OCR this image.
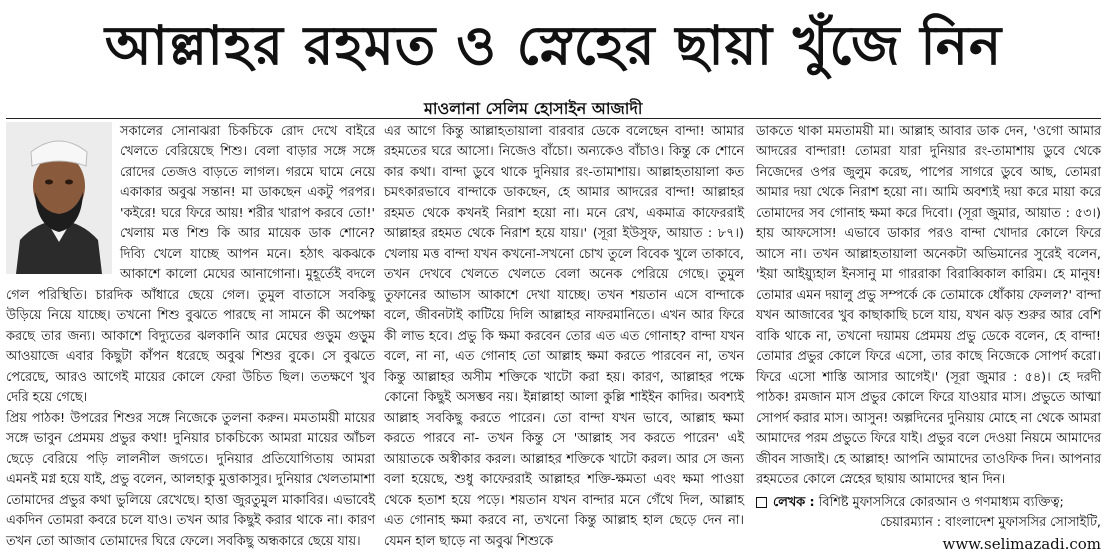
আল্লাহর রহমত ও স্নেহের ছায়া খুঁজে নিন
মাওলানা সেলিম হোসাইন আজাদী

সকালের সোনাঝরা চিকচিকে রোদ দেখে বাইরে খেলতে বেরিয়েছে শিশু। বেলা বাড়ার সঙ্গে সঙ্গে রোদের তেজও বাড়তে লাগল। গরমে ঘামে নেয়ে একাকার অবুঝ সন্তান! মা ডাকছেন একটু পরপর। 'কইরে! ঘরে ফিরে আয়! শরীর খারাপ করবে তো!' খেলায় মত্ত শিশু কি আর মায়েক ডাক শোনে? দিব্যি খেলে যাচ্ছে আপন মনে। হঠাৎ ঝকঝকে আকাশে কালো মেঘের আনাগোনা। মুহূর্তেই বদলে গেল পরিস্থিতি। চারদিক আঁধারে ছেয়ে গেল। তুমুল বাতাসে সবকিছু উড়িয়ে নিয়ে যাচ্ছে। তখনো শিশু বুঝতে পারছে না সামনে কী অপেক্ষা করছে তার জন্য। আকাশে বিদ্যুতের ঝলকানি আর মেঘের গুড়ুম গুড়ুম আওয়াজে এবার কিছুটা কাঁপন ধরেছে অবুঝ শিশুর বুকে। সে বুঝতে পেরেছে, আরও আগেই মায়ের কোলে ফেরা উচিত ছিল। ততক্ষণে খুব দেরি হয়ে গেছে।

প্রিয় পাঠক! উপরের শিশুর সঙ্গে নিজেকে তুলনা করুন। মমতাময়ী মায়ের সঙ্গে ভাবুন প্রেমময় প্রভুর কথা! দুনিয়ার চাকচিক্যে আমরা মায়ের আঁচল ছেড়ে বেরিয়ে পড়ি লালনীল জগতে। দুনিয়ার প্রতিযোগিতায় আমরা এমনই মগ্ন হয়ে যাই, প্রভু বলেন, আলহাকু মুত্তাকাসুর। দুনিয়ার খেলতামাশা তোমাদের প্রভুর কথা ভুলিয়ে রেখেছে। হাত্তা জুরতুমুল মাকাবির। এভাবেই একদিন তোমরা কবরে চলে যাও। তখন আর কিছুই করার থাকে না। কারণ তখন তো আজাব তোমাদের ঘিরে ফেলে। সবকিছু অন্ধকারে ছেয়ে যায়।

এর আগে কিন্তু আল্লাহতায়ালা বারবার ডেকে বলেছেন বান্দা! আমার রহমতের ঘরে আসো। নিজেও বাঁচো। অন্যকেও বাঁচাও। কিন্তু কে শোনে কার কথা। বান্দা ডুবে থাকে দুনিয়ার রং-তামাশায়। আল্লাহতায়ালা কত চমৎকারভাবে বান্দাকে ডাকছেন, হে আমার আদরের বান্দা! আল্লাহর রহমত থেকে কখনই নিরাশ হয়ো না। মনে রেখ, একমাত্র কাফেররাই আল্লাহর রহমত থেকে নিরাশ হয়ে যায়।' (সূরা ইউসুফ, আয়াত : ৮৭।) খেলায় মত্ত বান্দা যখন কখনো-সখনো চোখ তুলে বিবেক খুলে তাকাবে, তখন দেখবে খেলতে খেলতে বেলা অনেক পেরিয়ে গেছে। তুমুল তুফানের আভাস আকাশে দেখা যাচ্ছে। তখন শয়তান এসে বান্দাকে বলে, জীবনটাই কাটিয়ে দিলি আল্লাহর নাফরমানিতে। এখন আর ফিরে কী লাভ হবে। প্রভু কি ক্ষমা করবেন তোর এত এত গোনাহ? বান্দা যখন বলে, না না, এত গোনাহ তো আল্লাহ ক্ষমা করতে পারবেন না, তখন কিন্তু আল্লাহর অসীম শক্তিকে খাটো করা হয়। কারণ, আল্লাহর পক্ষে কোনো কিছুই অসম্ভব নয়। ইন্নাল্লাহা আলা কুল্লি শাইইন কাদির। অবশ্যই আল্লাহ সবকিছু করতে পারেন। তো বান্দা যখন ভাবে, আল্লাহ ক্ষমা করতে পারবে না- তখন কিন্তু সে 'আল্লাহ সব করতে পারেন' এই আয়াতকে অস্বীকার করল। আল্লাহর শক্তিকে খাটো করল। আর সে জন্য বলা হয়েছে, শুধু কাফেররাই আল্লাহর শক্তি-ক্ষমতা এবং ক্ষমা পাওয়া থেকে হতাশ হয়ে পড়ে। শয়তান যখন বান্দার মনে গেঁথে দিল, আল্লাহ এত গোনাহ ক্ষমা করবে না, তখনো কিন্তু আল্লাহ হাল ছেড়ে দেন না। যেমন হাল ছাড়ে না অবুঝ শিশুকে

ডাকতে থাকা মমতাময়ী মা। আল্লাহ আবার ডাক দেন, 'ওগো আমার আদরের বান্দারা! তোমরা যারা দুনিয়ার রং-তামাশায় ডুবে থেকে নিজেদের ওপর জুলুম করেছ, পাপের সাগরে ডুবে আছ, তোমরা আমার দয়া থেকে নিরাশ হয়ো না। আমি অবশ্যই দয়া করে মায়া করে তোমাদের সব গোনাহ ক্ষমা করে দিবো। (সূরা জুমার, আয়াত : ৫৩।) হায় আফসোস! এভাবে ডাকার পরও বান্দা খোদার কোলে ফিরে আসে না। তখন আল্লাহতায়ালা অনেকটা অভিমানের সুরেই বলেন, 'ইয়া আইয়্যুহাল ইনসানু মা গাররাকা বিরাব্বিকাল কারিম। হে মানুষ! তোমার এমন দয়ালু প্রভু সম্পর্কে কে তোমাকে ধোঁকায় ফেলল?' বান্দা যখন আজাবের খুব কাছাকাছি চলে যায়, যখন ঝড় শুরুর আর বেশি বাকি থাকে না, তখনো দয়াময় প্রেমময় প্রভু ডেকে বলেন, হে বান্দা! তোমার প্রভুর কোলে ফিরে এসো, তার কাছে নিজেকে সোপর্দ করো। ফিরে এসো শাস্তি আসার আগেই।' (সূরা জুমার : ৫৪)। হে দরদী পাঠক! রমজান মাস প্রভুর কোলে ফিরে যাওয়ার মাস। প্রভুতে আত্মা সোপর্দ করার মাস। আসুন! অল্পদিনের দুনিয়ায় মোহে না থেকে আমরা আমাদের পরম প্রভুতে ফিরে যাই। প্রভুর বলে দেওয়া নিয়মে আমাদের জীবন সাজাই। হে আল্লাহ! আপনি আমাদের তাওফিক দিন। আপনার রহমতের কোলে স্নেহের ছায়ায় আমাদের স্থান দিন।

লেখক : বিশিষ্ট মুফাসসিরে কোরআন ও গণমাধ্যম ব্যক্তিত্ব;
চেয়ারম্যান : বাংলাদেশ মুফাসসির সোসাইটি,
www.selimazadi.com
